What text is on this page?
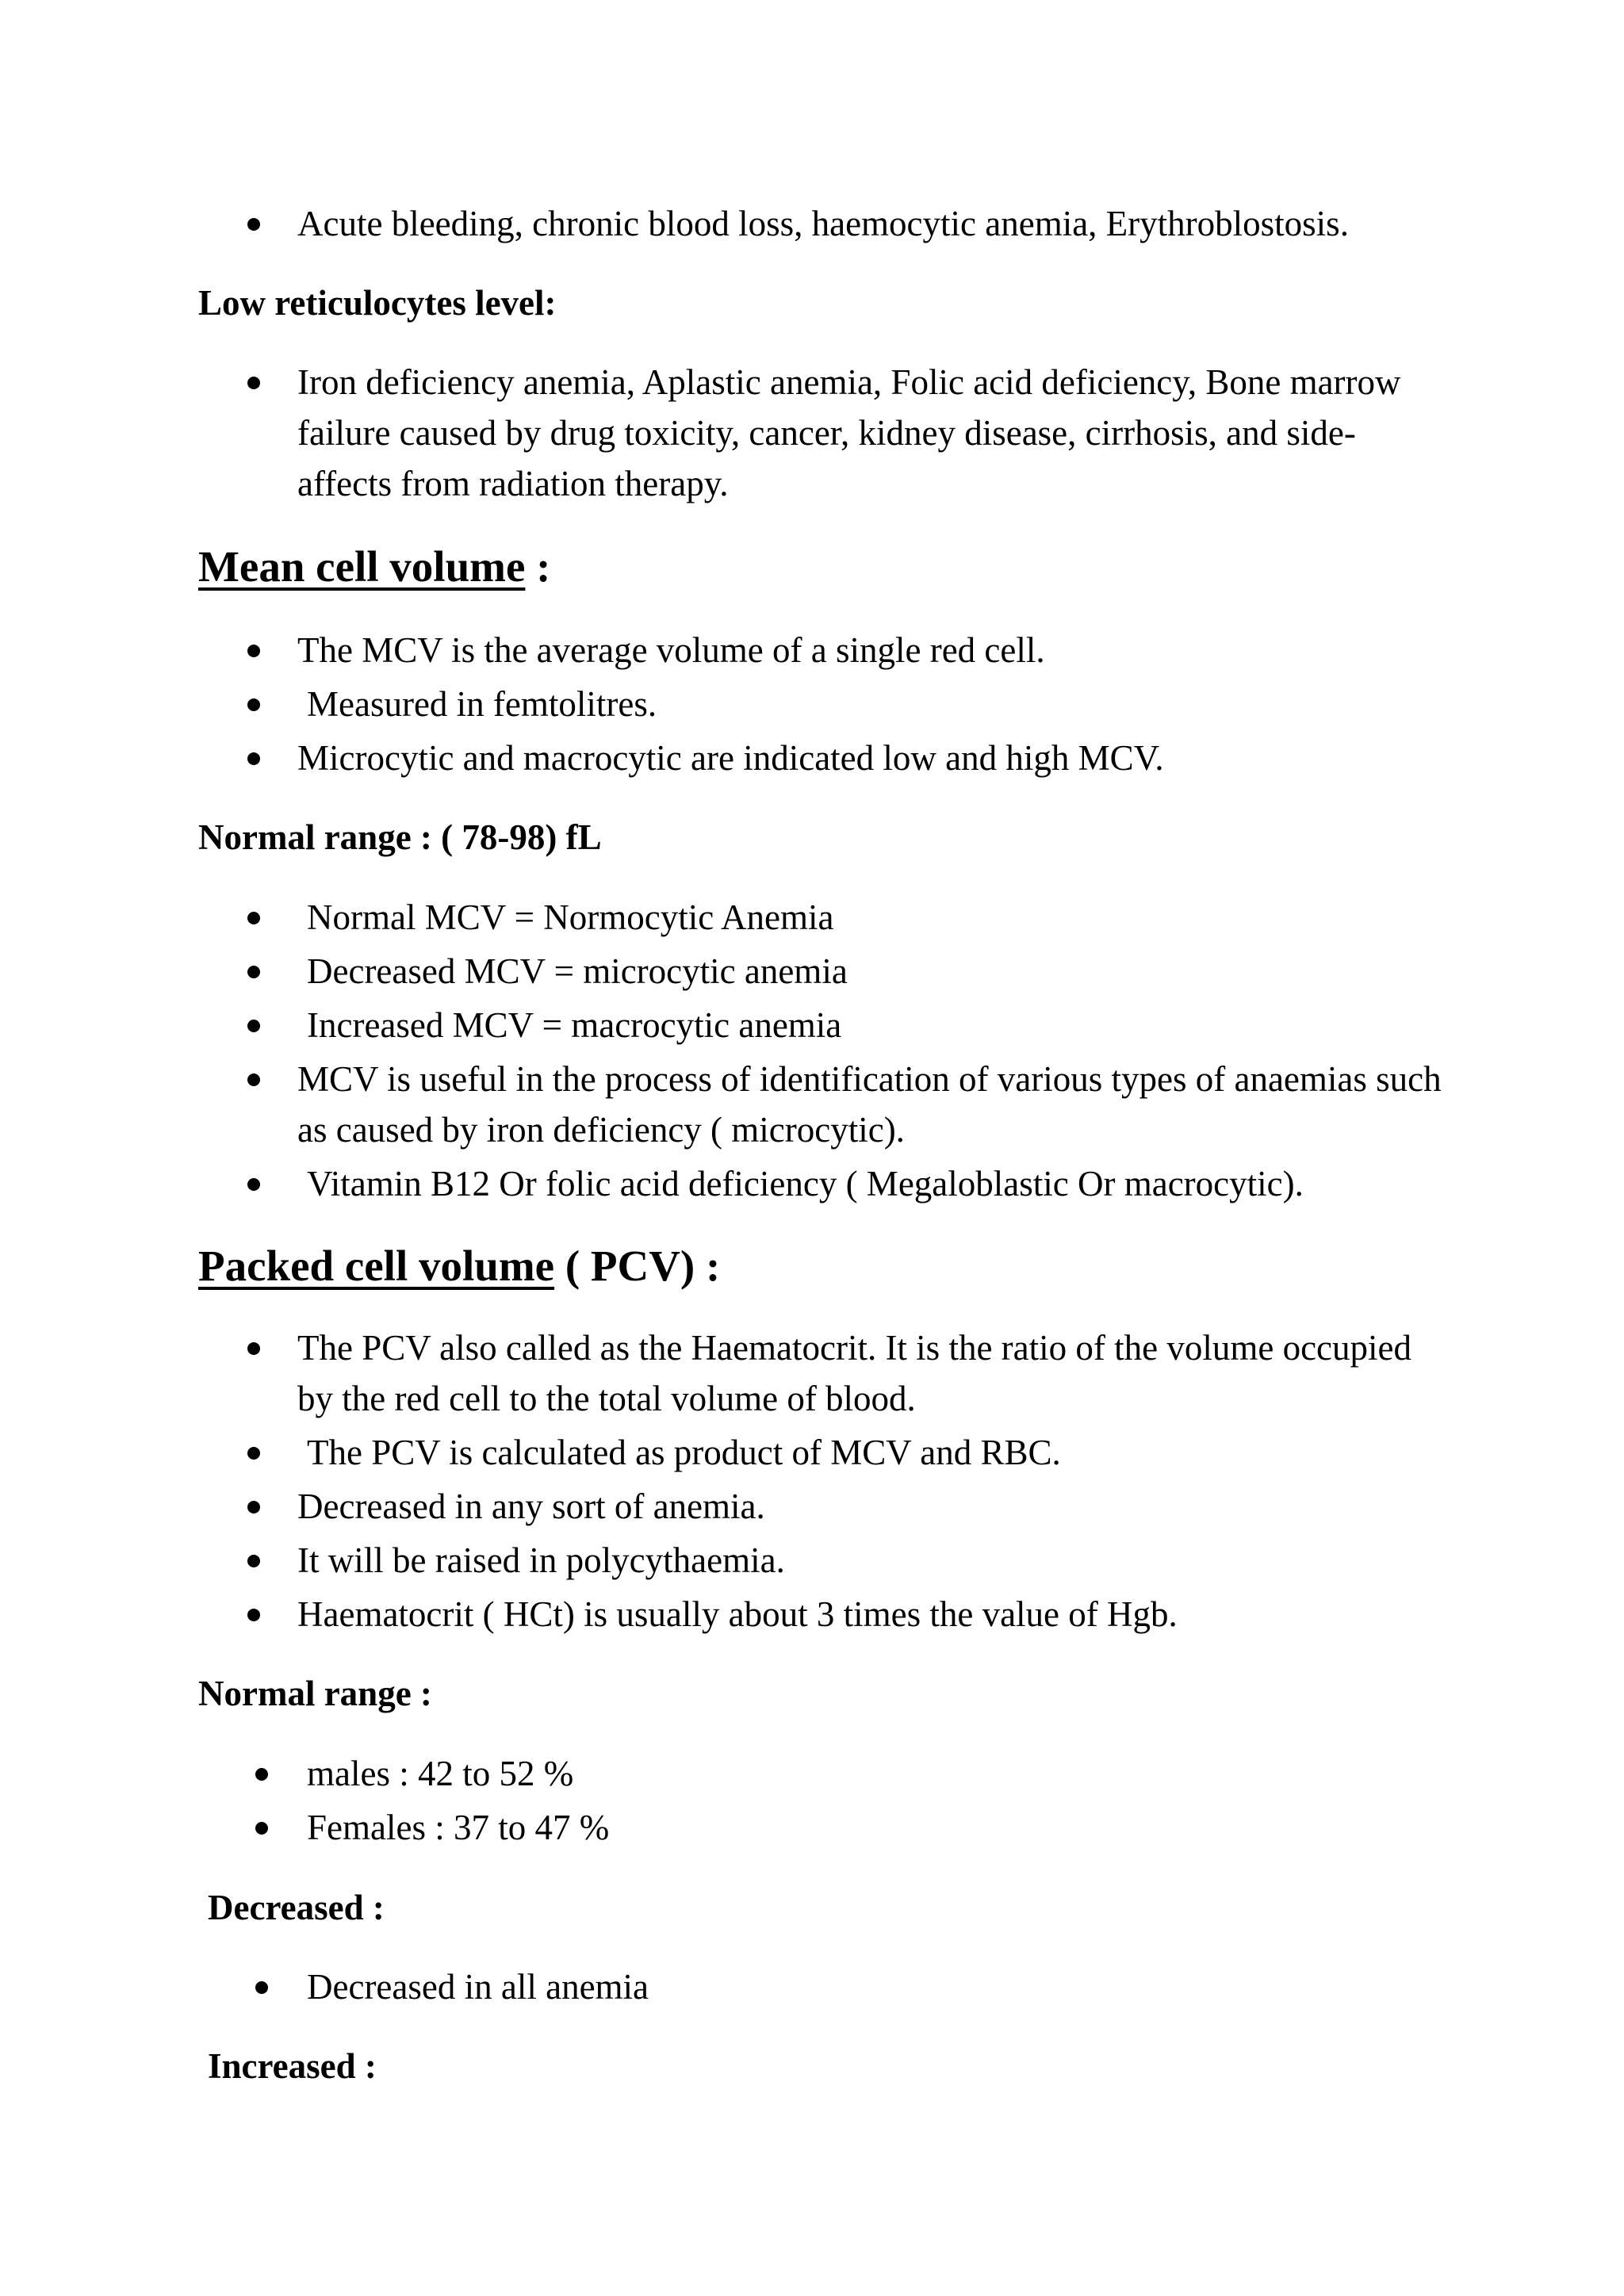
Acute bleeding, chronic blood loss, haemocytic anemia, Erythroblostosis.
Low reticulocytes level:
Iron deficiency anemia, Aplastic anemia, Folic acid deficiency, Bone marrow failure caused by drug toxicity, cancer, kidney disease, cirrhosis, and side- affects from radiation therapy.
Mean cell volume :
The MCV is the average volume of a single red cell.
Measured in femtolitres.
Microcytic and macrocytic are indicated low and high MCV.
Normal range : ( 78-98) fL
Normal MCV = Normocytic Anemia
Decreased MCV = microcytic anemia
Increased MCV = macrocytic anemia
MCV is useful in the process of identification of various types of anaemias such as caused by iron deficiency ( microcytic).
Vitamin B12 Or folic acid deficiency ( Megaloblastic Or macrocytic).
Packed cell volume ( PCV) :
The PCV also called as the Haematocrit. It is the ratio of the volume occupied by the red cell to the total volume of blood.
The PCV is calculated as product of MCV and RBC.
Decreased in any sort of anemia.
It will be raised in polycythaemia.
Haematocrit ( HCt) is usually about 3 times the value of Hgb.
Normal range :
males : 42 to 52 %
Females : 37 to 47 %
Decreased :
Decreased in all anemia
Increased :
